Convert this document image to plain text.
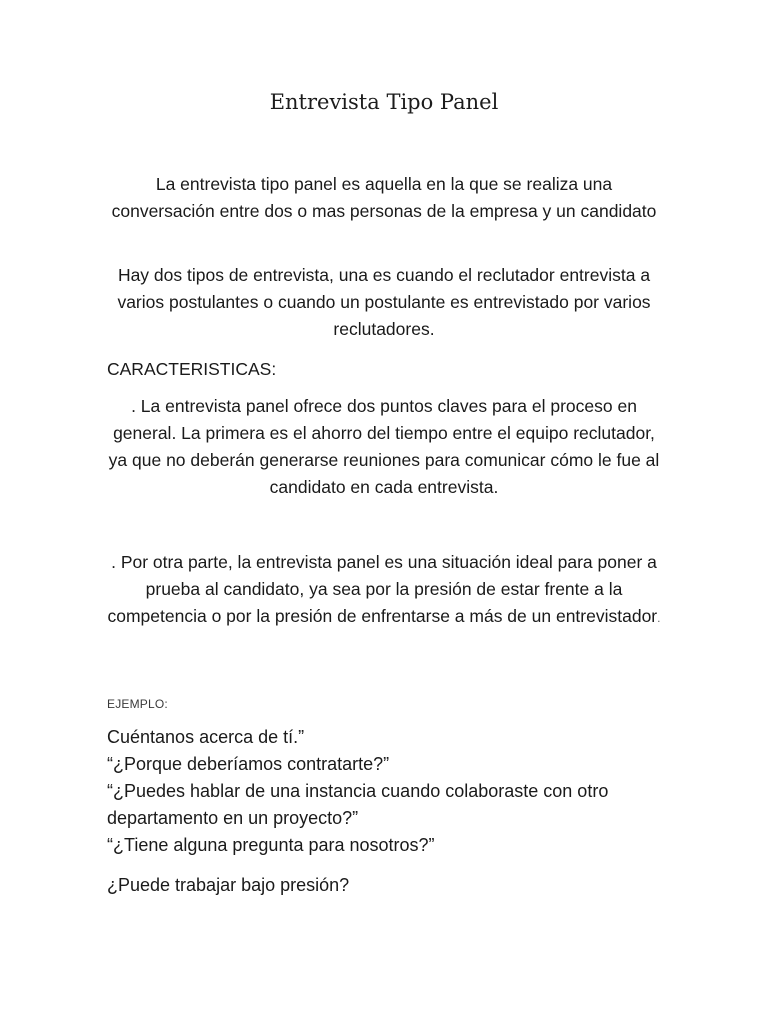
Entrevista Tipo Panel
La entrevista tipo panel es aquella en la que se realiza una conversación entre dos o mas personas de la empresa y un candidato
Hay dos tipos de entrevista, una es cuando el reclutador entrevista a varios postulantes o cuando un postulante es entrevistado por varios reclutadores.
CARACTERISTICAS:
. La entrevista panel ofrece dos puntos claves para el proceso en general. La primera es el ahorro del tiempo entre el equipo reclutador, ya que no deberán generarse reuniones para comunicar cómo le fue al candidato en cada entrevista.
. Por otra parte, la entrevista panel es una situación ideal para poner a prueba al candidato, ya sea por la presión de estar frente a la competencia o por la presión de enfrentarse a más de un entrevistador.
EJEMPLO:
Cuéntanos acerca de tí.”
“¿Porque deberíamos contratarte?”
“¿Puedes hablar de una instancia cuando colaboraste con otro
departamento en un proyecto?”
“¿Tiene alguna pregunta para nosotros?”
¿Puede trabajar bajo presión?
